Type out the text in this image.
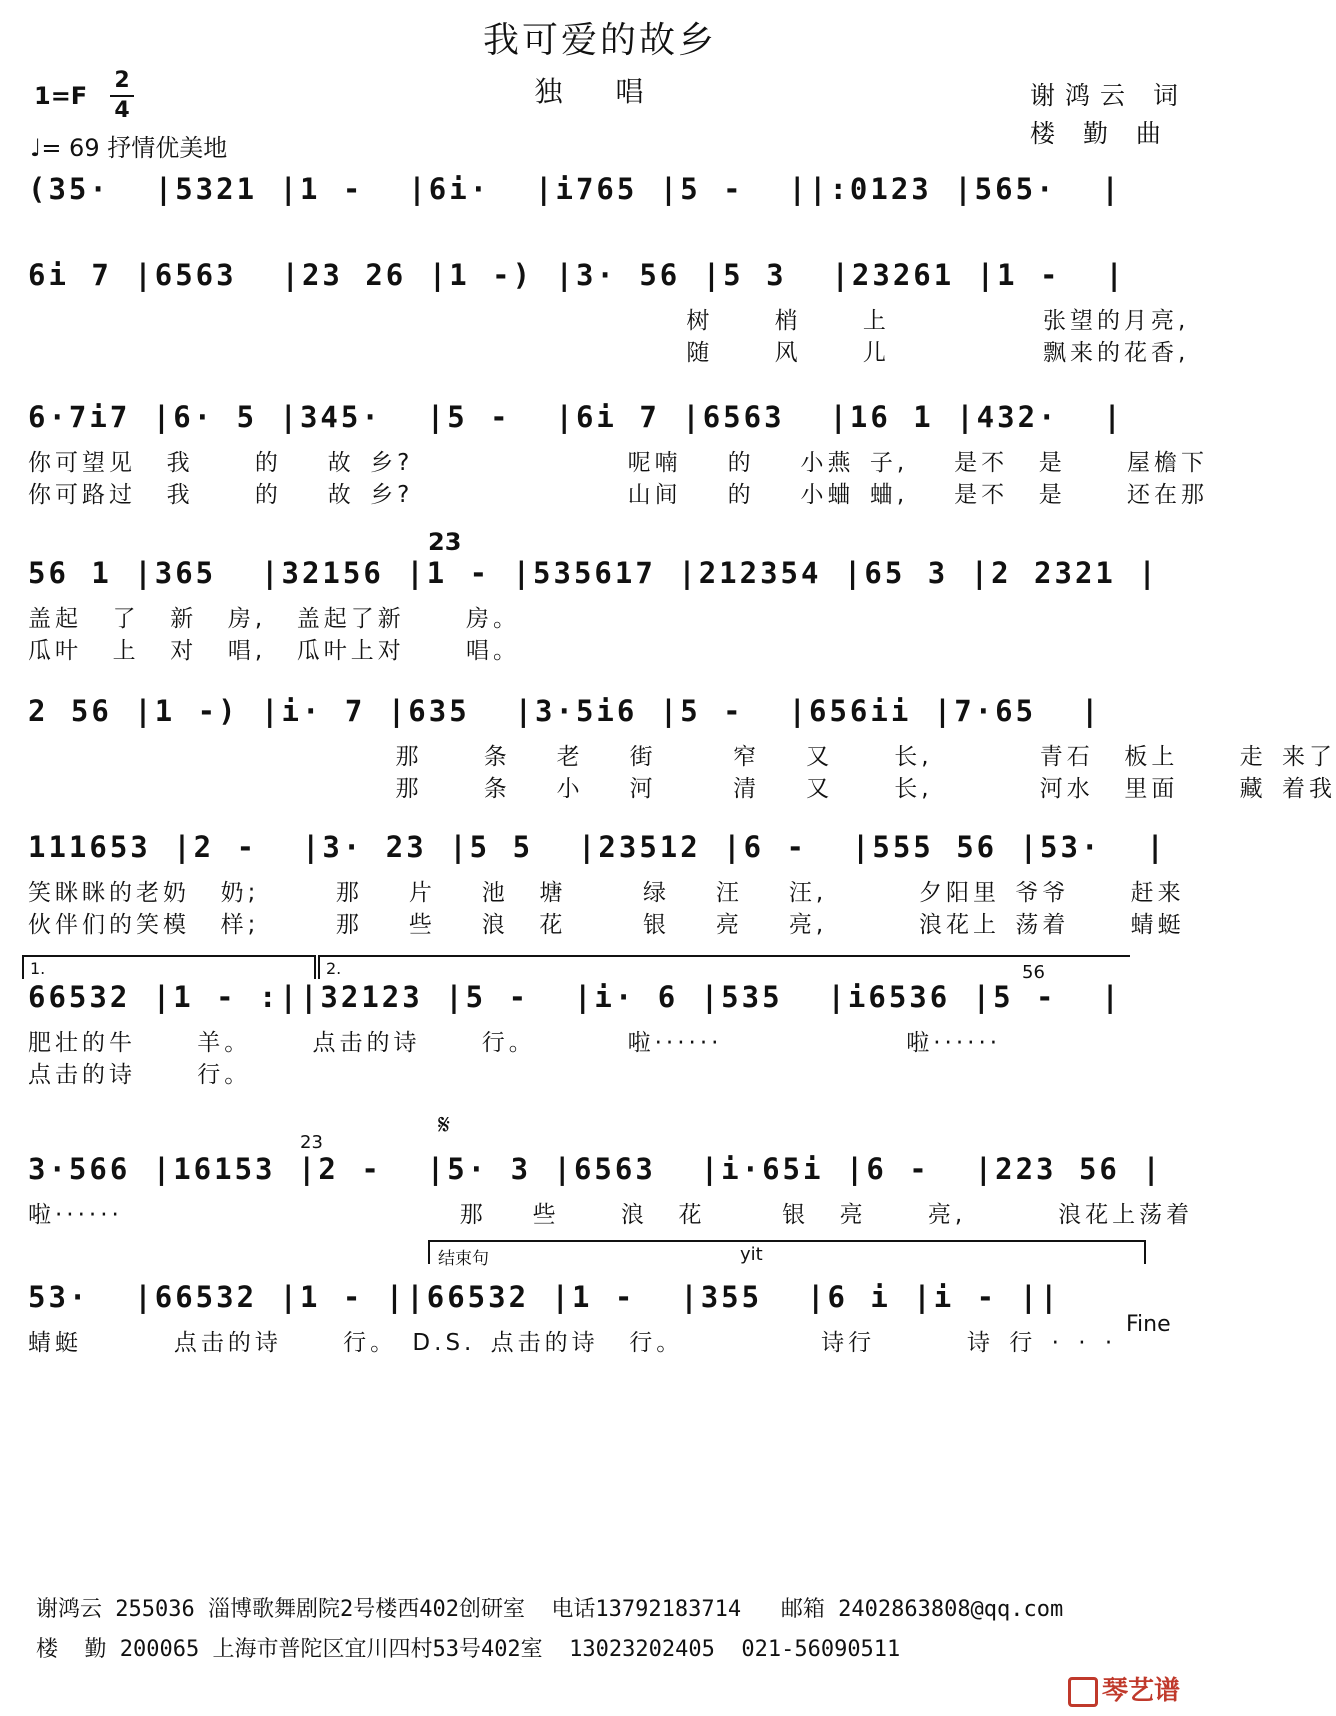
我可爱的故乡
独 唱
1=F
2
4
♩= 69 抒情优美地
谢鸿云 词
楼 勤 曲
(35·  |5321 |1 -  |6i·  |i765 |5 -  ||:0123 |565·  |
6i 7 |6563  |23 26 |1 -) |3· 56 |5 3  |23261 |1 -  |
树    梢    上          张望的月亮,
随    风    儿          飘来的花香,
6·7i7 |6· 5 |345·  |5 -  |6i 7 |6563  |16 1 |432·  |
你可望见  我    的   故 乡?              呢喃   的   小燕 子,   是不  是    屋檐下
你可路过  我    的   故 乡?              山间   的   小蛐 蛐,   是不  是    还在那
23
56 1 |365  |32156 |1 - |535617 |212354 |65 3 |2 2321 |
盖起  了  新  房,  盖起了新    房。
瓜叶  上  对  唱,  瓜叶上对    唱。
2 56 |1 -) |i· 7 |635  |3·5i6 |5 -  |656ii |7·65  |
那    条   老   街     窄   又    长,       青石  板上    走 来了
那    条   小   河     清   又    长,       河水  里面    藏 着我
111653 |2 -  |3· 23 |5 5  |23512 |6 -  |555 56 |53·  |
笑眯眯的老奶  奶;     那   片   池  塘     绿   汪   汪,      夕阳里 爷爷    赶来
伙伴们的笑模  样;     那   些   浪  花     银   亮   亮,      浪花上 荡着    蜻蜓
1.	2.	56
66532 |1 - :||32123 |5 -  |i· 6 |535  |i6536 |5 -  |
肥壮的牛    羊。    点击的诗    行。      啦······            啦······
点击的诗    行。
𝄋
23
3·566 |16153 |2 -  |5· 3 |6563  |i·65i |6 -  |223 56 |
啦······                      那   些    浪  花     银  亮    亮,      浪花上荡着
结束句	yit
53·  |66532 |1 - ||66532 |1 -  |355  |6 i |i - ||
蜻蜓      点击的诗    行。 D.S. 点击的诗  行。         诗行      诗 行 · · ·
Fine
谢鸿云 255036 淄博歌舞剧院2号楼西402创研室  电话13792183714   邮箱 2402863808@qq.com
楼  勤 200065 上海市普陀区宜川四村53号402室  13023202405  021-56090511
琴艺谱
